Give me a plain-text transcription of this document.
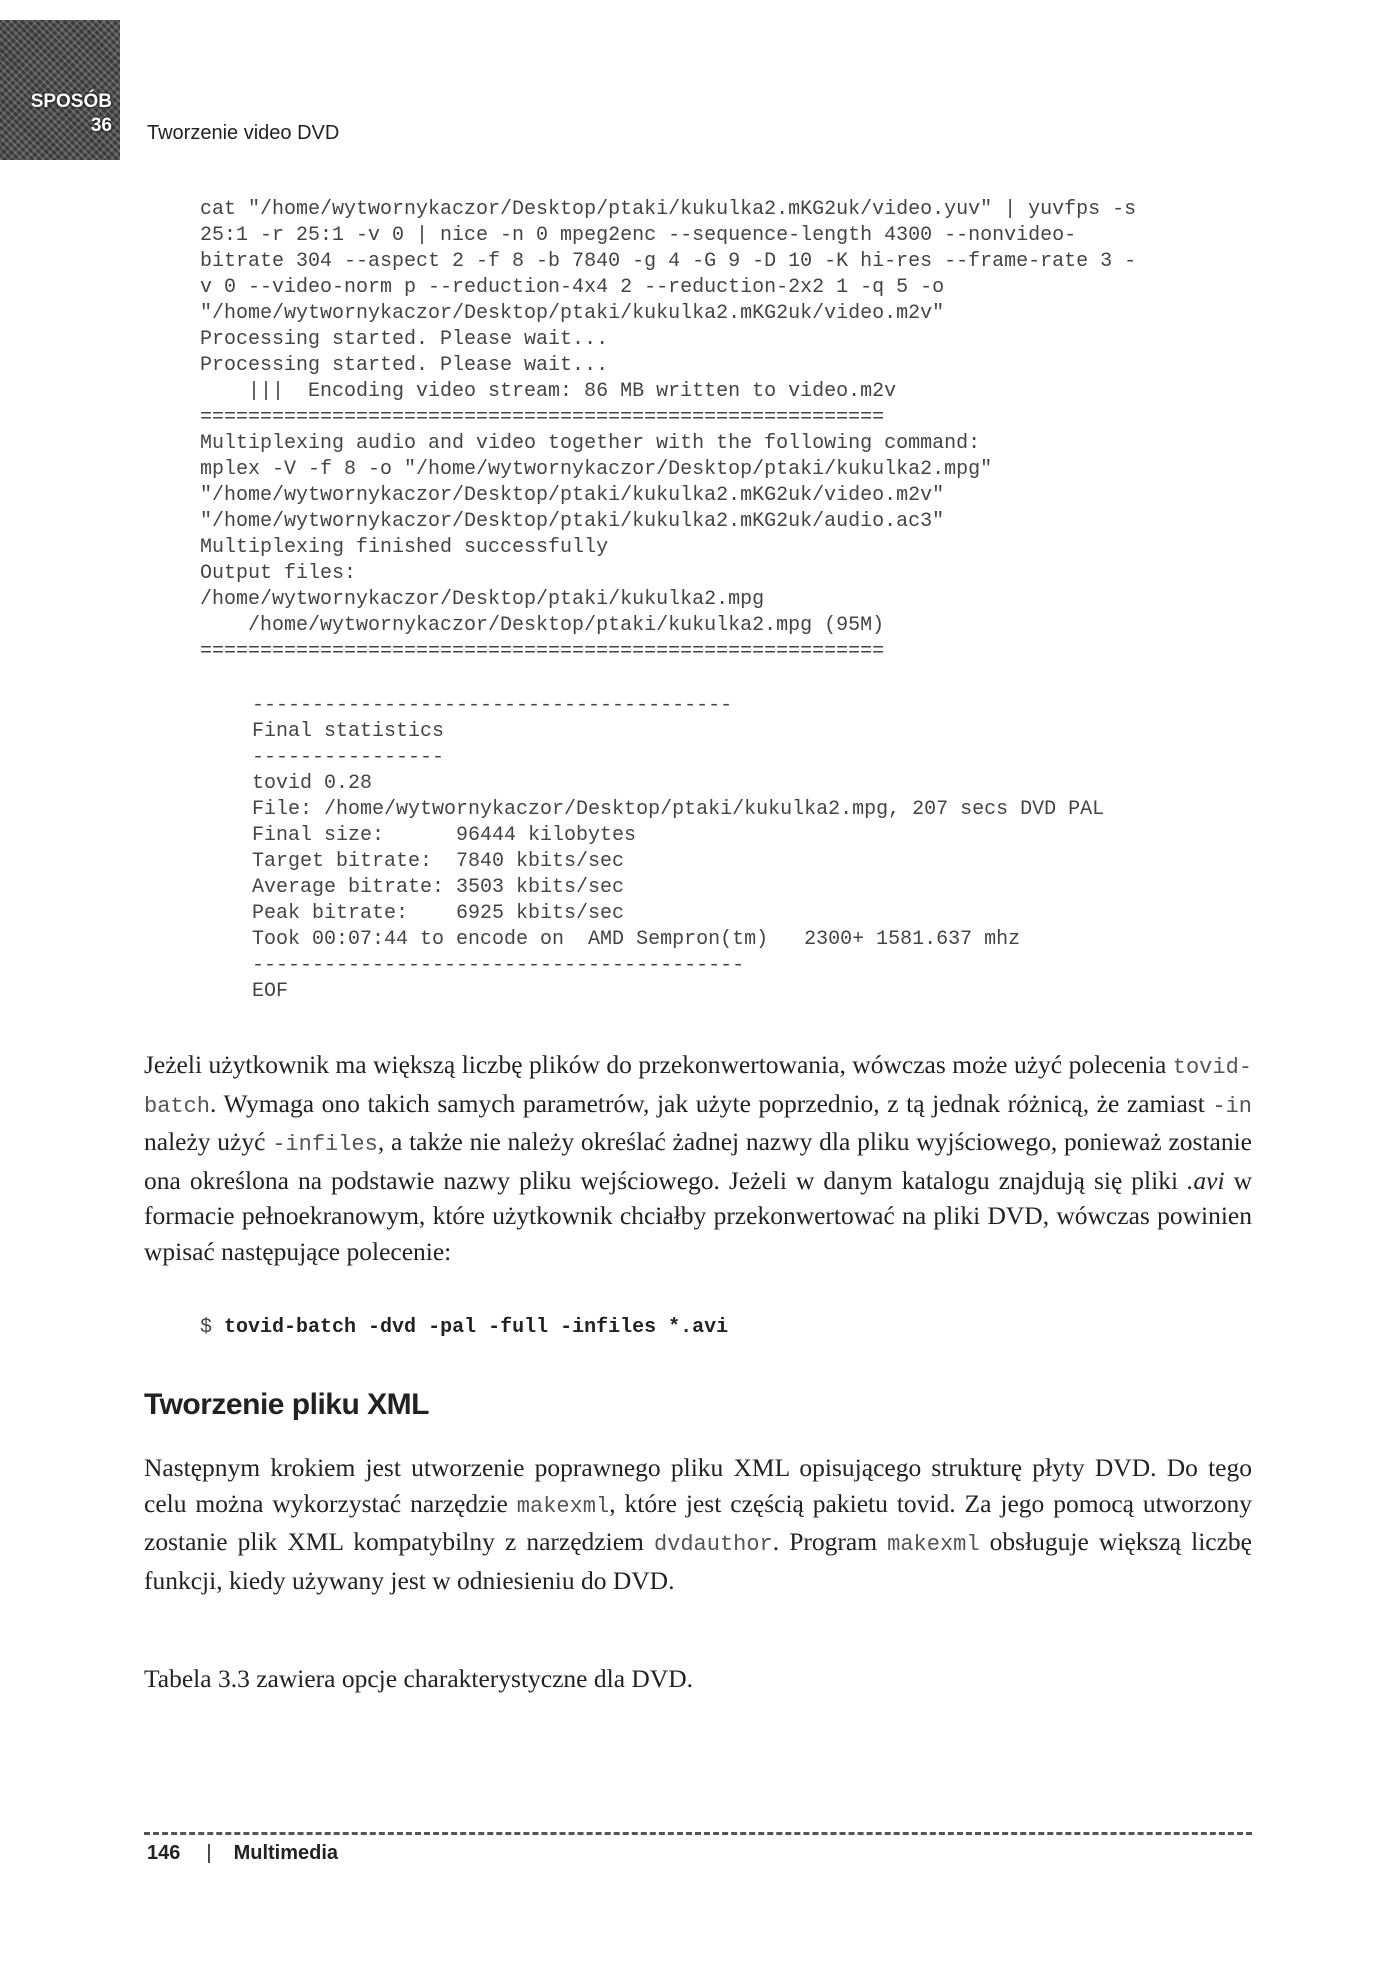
SPOSÓB
36 Tworzenie video DVD
cat "/home/wytwornykaczor/Desktop/ptaki/kukulka2.mKG2uk/video.yuv" | yuvfps -s
25:1 -r 25:1 -v 0 | nice -n 0 mpeg2enc --sequence-length 4300 --nonvideo-
bitrate 304 --aspect 2 -f 8 -b 7840 -g 4 -G 9 -D 10 -K hi-res --frame-rate 3 -
v 0 --video-norm p --reduction-4x4 2 --reduction-2x2 1 -q 5 -o
"/home/wytwornykaczor/Desktop/ptaki/kukulka2.mKG2uk/video.m2v"
Processing started. Please wait...
Processing started. Please wait...
|||  Encoding video stream: 86 MB written to video.m2v
=========================================================
Multiplexing audio and video together with the following command:
mplex -V -f 8 -o "/home/wytwornykaczor/Desktop/ptaki/kukulka2.mpg"
"/home/wytwornykaczor/Desktop/ptaki/kukulka2.mKG2uk/video.m2v"
"/home/wytwornykaczor/Desktop/ptaki/kukulka2.mKG2uk/audio.ac3"
Multiplexing finished successfully
Output files:
/home/wytwornykaczor/Desktop/ptaki/kukulka2.mpg
/home/wytwornykaczor/Desktop/ptaki/kukulka2.mpg (95M)
=========================================================
----------------------------------------
Final statistics
----------------
tovid 0.28
File: /home/wytwornykaczor/Desktop/ptaki/kukulka2.mpg, 207 secs DVD PAL
Final size:      96444 kilobytes
Target bitrate:  7840 kbits/sec
Average bitrate: 3503 kbits/sec
Peak bitrate:    6925 kbits/sec
Took 00:07:44 to encode on  AMD Sempron(tm)   2300+ 1581.637 mhz
-----------------------------------------
EOF

Jeżeli użytkownik ma większą liczbę plików do przekonwertowania, wówczas może użyć polecenia tovid-batch. Wymaga ono takich samych parametrów, jak użyte poprzednio, z tą jednak różnicą, że zamiast -in należy użyć -infiles, a także nie należy określać żadnej nazwy dla pliku wyjściowego, ponieważ zostanie ona określona na podstawie nazwy pliku wejściowego. Jeżeli w danym katalogu znajdują się pliki .avi w formacie pełnoekranowym, które użytkownik chciałby przekonwertować na pliki DVD, wówczas powinien wpisać następujące polecenie:

$ tovid-batch -dvd -pal -full -infiles *.avi
Tworzenie pliku XML

Następnym krokiem jest utworzenie poprawnego pliku XML opisującego strukturę płyty DVD. Do tego celu można wykorzystać narzędzie makexml, które jest częścią pakietu tovid. Za jego pomocą utworzony zostanie plik XML kompatybilny z narzędziem dvdauthor. Program makexml obsługuje większą liczbę funkcji, kiedy używany jest w odniesieniu do DVD.

Tabela 3.3 zawiera opcje charakterystyczne dla DVD.

146 | Multimedia
